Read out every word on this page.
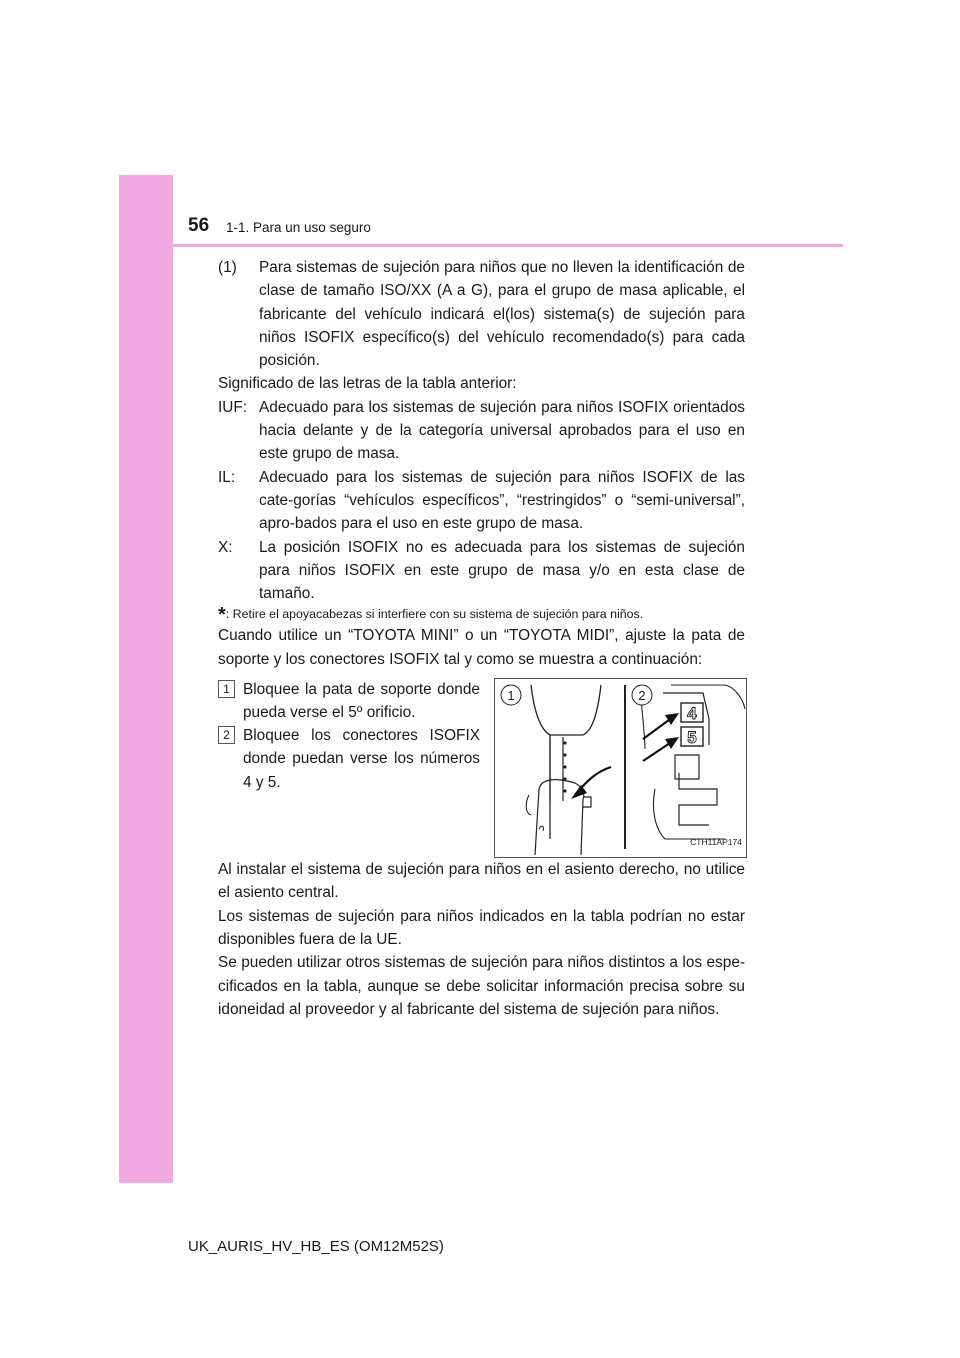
56 1-1. Para un uso seguro

(1) Para sistemas de sujeción para niños que no lleven la identificación de clase de tamaño ISO/XX (A a G), para el grupo de masa aplicable, el fabricante del vehículo indicará el(los) sistema(s) de sujeción para niños ISOFIX específico(s) del vehículo recomendado(s) para cada posición.

Significado de las letras de la tabla anterior:

IUF: Adecuado para los sistemas de sujeción para niños ISOFIX orientados hacia delante y de la categoría universal aprobados para el uso en este grupo de masa.

IL: Adecuado para los sistemas de sujeción para niños ISOFIX de las cate-gorías “vehículos específicos”, “restringidos” o “semi-universal”, apro-bados para el uso en este grupo de masa.

X: La posición ISOFIX no es adecuada para los sistemas de sujeción para niños ISOFIX en este grupo de masa y/o en esta clase de tamaño.

*: Retire el apoyacabezas si interfiere con su sistema de sujeción para niños.

Cuando utilice un “TOYOTA MINI” o un “TOYOTA MIDI”, ajuste la pata de soporte y los conectores ISOFIX tal y como se muestra a continuación:

1 Bloquee la pata de soporte donde pueda verse el 5º orificio.
2 Bloquee los conectores ISOFIX donde puedan verse los números 4 y 5.
1	2
4
5
CTH11AP174

Al instalar el sistema de sujeción para niños en el asiento derecho, no utilice el asiento central.

Los sistemas de sujeción para niños indicados en la tabla podrían no estar disponibles fuera de la UE.

Se pueden utilizar otros sistemas de sujeción para niños distintos a los espe-cificados en la tabla, aunque se debe solicitar información precisa sobre su idoneidad al proveedor y al fabricante del sistema de sujeción para niños.

UK_AURIS_HV_HB_ES (OM12M52S)
